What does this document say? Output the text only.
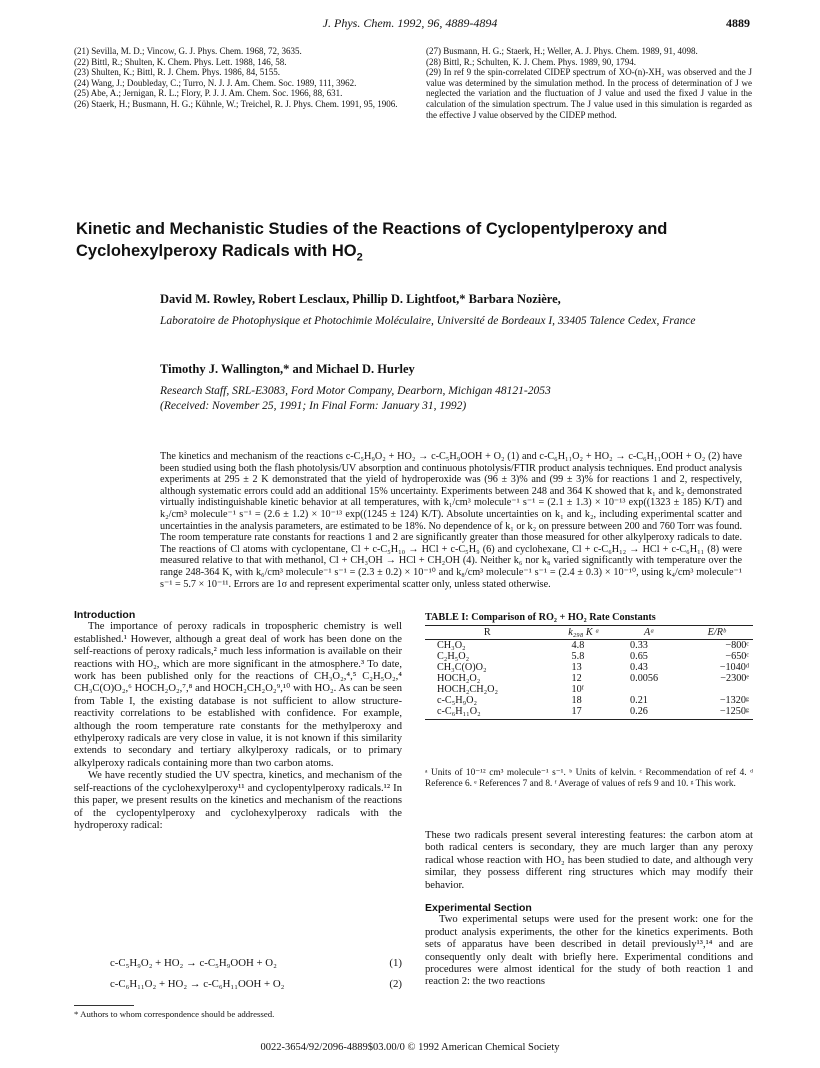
J. Phys. Chem. 1992, 96, 4889-4894	4889
(21) Sevilla, M. D.; Vincow, G. J. Phys. Chem. 1968, 72, 3635.
(22) Bittl, R.; Shulten, K. Chem. Phys. Lett. 1988, 146, 58.
(23) Shulten, K.; Bittl, R. J. Chem. Phys. 1986, 84, 5155.
(24) Wang, J.; Doubleday, C.; Turro, N. J. J. Am. Chem. Soc. 1989, 111, 3962.
(25) Abe, A.; Jernigan, R. L.; Flory, P. J. J. Am. Chem. Soc. 1966, 88, 631.
(26) Staerk, H.; Busmann, H. G.; Kühnle, W.; Treichel, R. J. Phys. Chem. 1991, 95, 1906.
(27) Busmann, H. G.; Staerk, H.; Weller, A. J. Phys. Chem. 1989, 91, 4098.
(28) Bittl, R.; Schulten, K. J. Chem. Phys. 1989, 90, 1794.
(29) In ref 9 the spin-correlated CIDEP spectrum of XO-(n)-XH₂ was observed and the J value was determined by the simulation method. In the process of determination of J we neglected the variation and the fluctuation of J value and used the fixed J value in the calculation of the simulation spectrum. The J value used in this simulation is regarded as the effective J value observed by the CIDEP method.
Kinetic and Mechanistic Studies of the Reactions of Cyclopentylperoxy and
Cyclohexylperoxy Radicals with $HO_2$
David M. Rowley, Robert Lesclaux, Phillip D. Lightfoot,* Barbara Nozière,
Laboratoire de Photophysique et Photochimie Moléculaire, Université de Bordeaux I, 33405 Talence Cedex, France
Timothy J. Wallington,* and Michael D. Hurley
Research Staff, SRL-E3083, Ford Motor Company, Dearborn, Michigan 48121-2053
(Received: November 25, 1991; In Final Form: January 31, 1992)
The kinetics and mechanism of the reactions c-C₅H₉O₂ + HO₂ → c-C₅H₉OOH + O₂ (1) and c-C₆H₁₁O₂ + HO₂ → c-C₆H₁₁OOH + O₂ (2) have been studied using both the flash photolysis/UV absorption and continuous photolysis/FTIR product analysis techniques. End product analysis experiments at 295 ± 2 K demonstrated that the yield of hydroperoxide was (96 ± 3)% and (99 ± 3)% for reactions 1 and 2, respectively, although systematic errors could add an additional 15% uncertainty. Experiments between 248 and 364 K showed that k₁ and k₂ demonstrated virtually indistinguishable kinetic behavior at all temperatures, with k₁/cm³ molecule⁻¹ s⁻¹ = (2.1 ± 1.3) × 10⁻¹³ exp((1323 ± 185) K/T) and k₂/cm³ molecule⁻¹ s⁻¹ = (2.6 ± 1.2) × 10⁻¹³ exp((1245 ± 124) K/T). Absolute uncertainties on k₁ and k₂, including experimental scatter and uncertainties in the analysis parameters, are estimated to be 18%. No dependence of k₁ or k₂ on pressure between 200 and 760 Torr was found. The room temperature rate constants for reactions 1 and 2 are significantly greater than those measured for other alkylperoxy radicals to date. The reactions of Cl atoms with cyclopentane, Cl + c-C₅H₁₀ → HCl + c-C₅H₉ (6) and cyclohexane, Cl + c-C₆H₁₂ → HCl + c-C₆H₁₁ (8) were measured relative to that with methanol, Cl + CH₃OH → HCl + CH₂OH (4). Neither k₆ nor k₈ varied significantly with temperature over the range 248-364 K, with k₆/cm³ molecule⁻¹ s⁻¹ = (2.3 ± 0.2) × 10⁻¹⁰ and k₈/cm³ molecule⁻¹ s⁻¹ = (2.4 ± 0.3) × 10⁻¹⁰, using k₄/cm³ molecule⁻¹ s⁻¹ = 5.7 × 10⁻¹¹. Errors are 1σ and represent experimental scatter only, unless stated otherwise.
Introduction

The importance of peroxy radicals in tropospheric chemistry is well established.¹ However, although a great deal of work has been done on the self-reactions of peroxy radicals,² much less information is available on their reactions with HO₂, which are more significant in the atmosphere.³ To date, work has been published only for the reactions of CH₃O₂,⁴,⁵ C₂H₅O₂,⁴ CH₃C(O)O₂,⁶ HOCH₂O₂,⁷,⁸ and HOCH₂CH₂O₂⁹,¹⁰ with HO₂. As can be seen from Table I, the existing database is not sufficient to allow structure-reactivity correlations to be established with confidence. For example, although the room temperature rate constants for the methylperoxy and ethylperoxy radicals are very close in value, it is not known if this similarity extends to secondary and tertiary alkylperoxy radicals, or to primary alkylperoxy radicals containing more than two carbon atoms.

We have recently studied the UV spectra, kinetics, and mechanism of the self-reactions of the cyclohexylperoxy¹¹ and cyclopentylperoxy radicals.¹² In this paper, we present results on the kinetics and mechanism of the reactions of the cyclopentylperoxy and cyclohexylperoxy radicals with the hydroperoxy radical:

c-C₅H₉O₂ + HO₂ → c-C₅H₉OOH + O₂	(1)
c-C₆H₁₁O₂ + HO₂ → c-C₆H₁₁OOH + O₂	(2)
* Authors to whom correspondence should be addressed.
TABLE I: Comparison of RO₂ + HO₂ Rate Constants
R	k₂₉₈ K ᵃ	Aᵃ	E/Rᵇ
CH₃O₂	4.8	0.33	−800ᶜ
C₂H₅O₂	5.8	0.65	−650ᶜ
CH₃C(O)O₂	13	0.43	−1040ᵈ
HOCH₂O₂	12	0.0056	−2300ᵉ
HOCH₂CH₂O₂	10ᶠ		
c-C₅H₉O₂	18	0.21	−1320ᵍ
c-C₆H₁₁O₂	17	0.26	−1250ᵍ
ᵃ Units of 10⁻¹² cm³ molecule⁻¹ s⁻¹. ᵇ Units of kelvin. ᶜ Recommendation of ref 4. ᵈ Reference 6. ᵉ References 7 and 8. ᶠ Average of values of refs 9 and 10. ᵍ This work.

These two radicals present several interesting features: the carbon atom at both radical centers is secondary, they are much larger than any peroxy radical whose reaction with HO₂ has been studied to date, and although very similar, they possess different ring structures which may modify their behavior.

Experimental Section

Two experimental setups were used for the present work: one for the product analysis experiments, the other for the kinetics experiments. Both sets of apparatus have been described in detail previously¹³,¹⁴ and are consequently only dealt with briefly here. Experimental conditions and procedures were almost identical for the study of both reaction 1 and reaction 2: the two reactions

0022-3654/92/2096-4889$03.00/0 © 1992 American Chemical Society
